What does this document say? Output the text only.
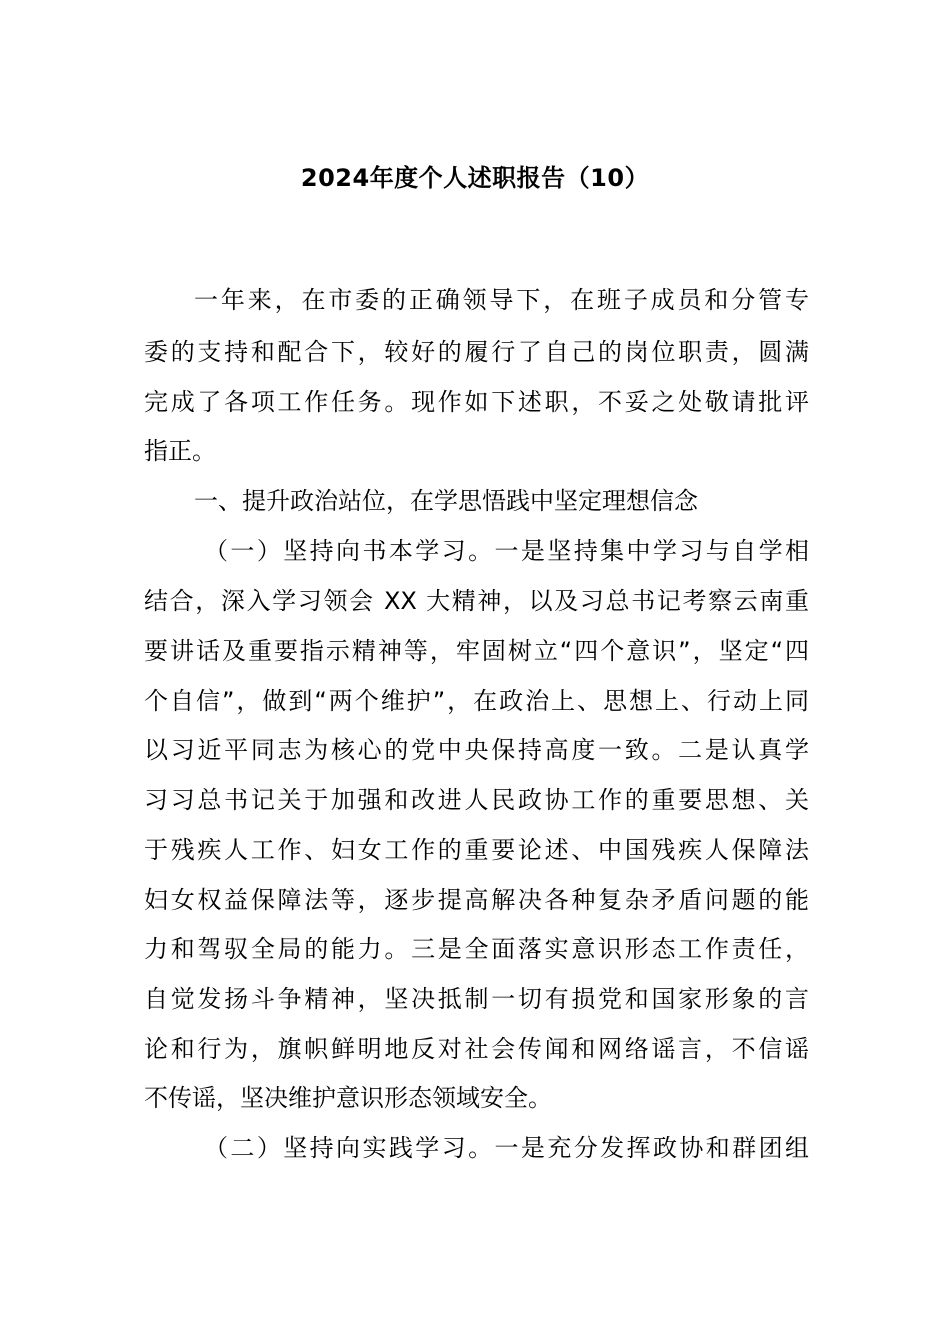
2024年度个人述职报告（10）
一年来，在市委的正确领导下，在班子成员和分管专
委的支持和配合下，较好的履行了自己的岗位职责，圆满
完成了各项工作任务。现作如下述职，不妥之处敬请批评
指正。
一、提升政治站位，在学思悟践中坚定理想信念
（一）坚持向书本学习。一是坚持集中学习与自学相
结合，深入学习领会 XX 大精神，以及习总书记考察云南重
要讲话及重要指示精神等，牢固树立“四个意识”，坚定“四
个自信”，做到“两个维护”，在政治上、思想上、行动上同
以习近平同志为核心的党中央保持高度一致。二是认真学
习习总书记关于加强和改进人民政协工作的重要思想、关
于残疾人工作、妇女工作的重要论述、中国残疾人保障法
妇女权益保障法等，逐步提高解决各种复杂矛盾问题的能
力和驾驭全局的能力。三是全面落实意识形态工作责任，
自觉发扬斗争精神，坚决抵制一切有损党和国家形象的言
论和行为，旗帜鲜明地反对社会传闻和网络谣言，不信谣
不传谣，坚决维护意识形态领域安全。
（二）坚持向实践学习。一是充分发挥政协和群团组
